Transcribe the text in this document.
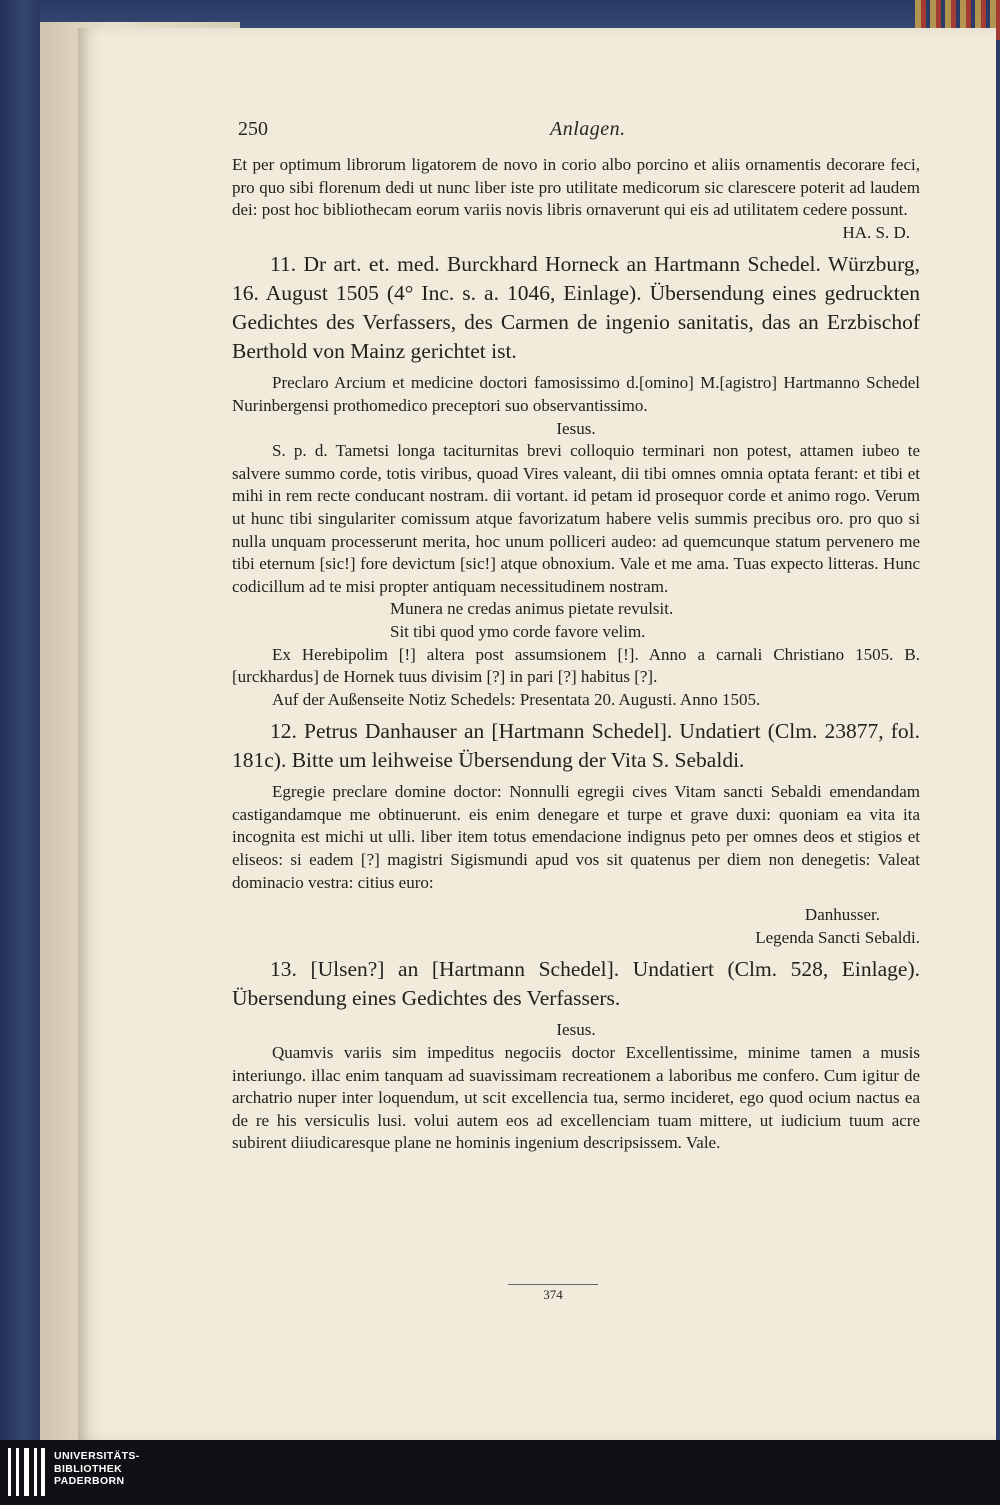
250	Anlagen.

Et per optimum librorum ligatorem de novo in corio albo porcino et aliis ornamentis decorare feci, pro quo sibi florenum dedi ut nunc liber iste pro utilitate medicorum sic clarescere poterit ad laudem dei: post hoc bibliothecam eorum variis novis libris ornaverunt qui eis ad utilitatem cedere possunt.

HA. S. D.

11. Dr art. et. med. Burckhard Horneck an Hartmann Schedel. Würzburg, 16. August 1505 (4° Inc. s. a. 1046, Einlage). Übersendung eines gedruckten Gedichtes des Verfassers, des Carmen de ingenio sanitatis, das an Erzbischof Berthold von Mainz gerichtet ist.

Preclaro Arcium et medicine doctori famosissimo d.[omino] M.[agistro] Hartmanno Schedel Nurinbergensi prothomedico preceptori suo observantissimo.

Iesus.

S. p. d. Tametsi longa taciturnitas brevi colloquio terminari non potest, attamen iubeo te salvere summo corde, totis viribus, quoad Vires valeant, dii tibi omnes omnia optata ferant: et tibi et mihi in rem recte conducant nostram. dii vortant. id petam id prosequor corde et animo rogo. Verum ut hunc tibi singulariter comissum atque favorizatum habere velis summis precibus oro. pro quo si nulla unquam processerunt merita, hoc unum polliceri audeo: ad quemcunque statum pervenero me tibi eternum [sic!] fore devictum [sic!] atque obnoxium. Vale et me ama. Tuas expecto litteras. Hunc codicillum ad te misi propter antiquam necessitudinem nostram.

Munera ne credas animus pietate revulsit.

Sit tibi quod ymo corde favore velim.

Ex Herebipolim [!] altera post assumsionem [!]. Anno a carnali Christiano 1505. B.[urckhardus] de Hornek tuus divisim [?] in pari [?] habitus [?].

Auf der Außenseite Notiz Schedels: Presentata 20. Augusti. Anno 1505.

12. Petrus Danhauser an [Hartmann Schedel]. Undatiert (Clm. 23877, fol. 181c). Bitte um leihweise Übersendung der Vita S. Sebaldi.

Egregie preclare domine doctor: Nonnulli egregii cives Vitam sancti Sebaldi emendandam castigandamque me obtinuerunt. eis enim denegare et turpe et grave duxi: quoniam ea vita ita incognita est michi ut ulli. liber item totus emendacione indignus peto per omnes deos et stigios et eliseos: si eadem [?] magistri Sigismundi apud vos sit quatenus per diem non denegetis: Valeat dominacio vestra: citius euro:

Danhusser.

Legenda Sancti Sebaldi.

13. [Ulsen?] an [Hartmann Schedel]. Undatiert (Clm. 528, Einlage). Übersendung eines Gedichtes des Verfassers.

Iesus.

Quamvis variis sim impeditus negociis doctor Excellentissime, minime tamen a musis interiungo. illac enim tanquam ad suavissimam recreationem a laboribus me confero. Cum igitur de archatrio nuper inter loquendum, ut scit excellencia tua, sermo incideret, ego quod ocium nactus ea de re his versiculis lusi. volui autem eos ad excellenciam tuam mittere, ut iudicium tuum acre subirent diiudicaresque plane ne hominis ingenium descripsissem. Vale.

374
UNIVERSITÄTS-
BIBLIOTHEK
PADERBORN
